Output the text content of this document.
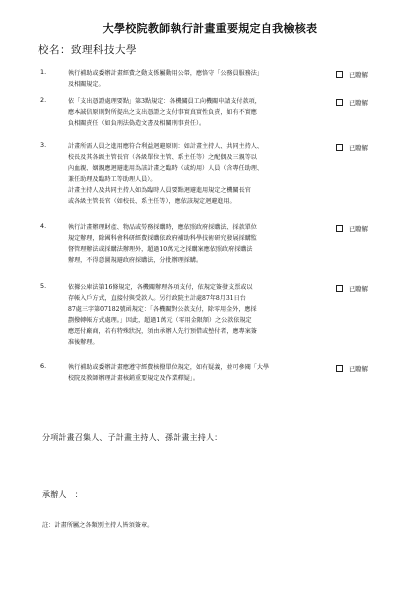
大學校院教師執行計畫重要規定自我檢核表
校名：致理科技大學
1.	執行補助或委辦計畫經費之動支係屬動用公帑，應恪守「公務員服務法」
及相關規定。
已瞭解
2.	依「支出憑證處理要點」第3點規定：各機關員工向機關申請支付款項，
應本誠信原則對所提出之支出憑證之支付事實真實性負責，如有不實應
負相關責任（如負刑法偽造文書及相關刑事責任）。
已瞭解
3.	計畫所需人員之進用應符合利益迴避原則：如計畫主持人、共同主持人、
校長及其各級主管長官（各級單位主管、系主任等）之配偶及三親等以
內血親、姻親應迴避進用為該計畫之臨時（或約用）人員（含專任助理、
兼任助理及臨時工等助理人員）。
計畫主持人及共同主持人如為臨時人員要點迴避進用規定之機關長官
或各級主管長官（如校長、系主任等），應依該規定迴避進用。
已瞭解
4.	執行計畫辦理財產、物品或勞務採購時，應依照政府採購法、採款單位
規定辦理，除國科會科研經費採購依政府補助科學技術研究發展採購監
督管理辦法或採購法辦理外，超過10萬元之採購案應依照政府採購法
辦理，不得意圖規避政府採購法，分批辦理採購。
已瞭解
5.	依據公庫法第16條規定，各機關辦理各項支付，依規定簽發支票或以
存帳入戶方式，直接付與受款人。另行政院主計處87年8月31日台
87處三字第07182號函規定：「各機關對公款支付，除零用金外，應採
劃撥轉帳方式處理。」因此，超過1萬元（零用金限額）之公款依規定
應逕付廠商，若有特殊狀況，須由承辦人先行預借或墊付者，應專案簽
准後辦理。
已瞭解
6.	執行補助或委辦計畫應遵守經費核撥單位規定，如有疑義，並可參閱「大學
校院及教師辦理計畫核銷重要規定及作業釋疑」。
已瞭解
分項計畫召集人、子計畫主持人、孫計畫主持人：
承辦人　：
註：計畫所屬之各類別主持人皆須簽章。
